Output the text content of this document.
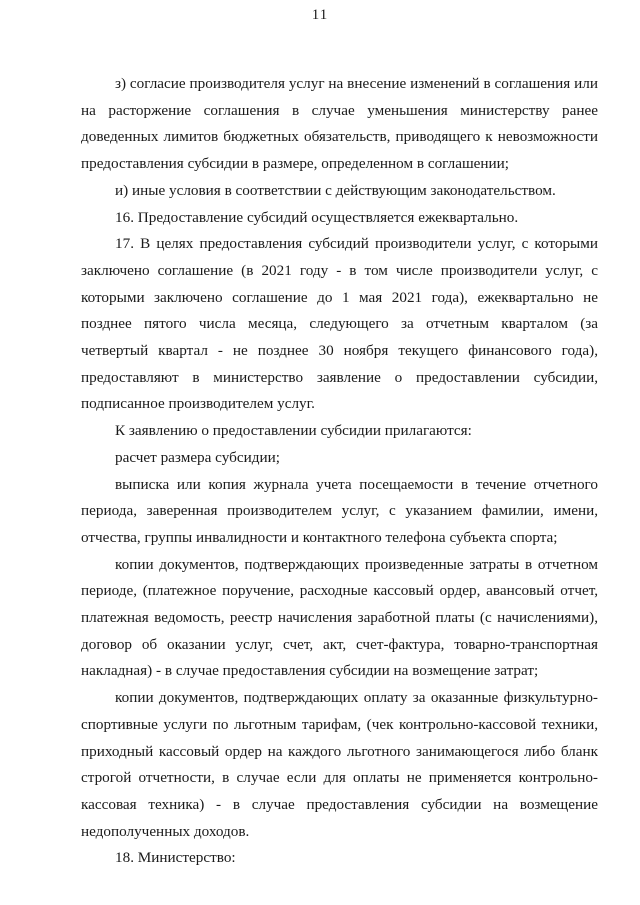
11

з) согласие производителя услуг на внесение изменений в соглашения или на расторжение соглашения в случае уменьшения министерству ранее доведенных лимитов бюджетных обязательств, приводящего к невозможности предоставления субсидии в размере, определенном в соглашении;

и) иные условия в соответствии с действующим законодательством.

16. Предоставление субсидий осуществляется ежеквартально.

17. В целях предоставления субсидий производители услуг, с которыми заключено соглашение (в 2021 году - в том числе производители услуг, с которыми заключено соглашение до 1 мая 2021 года), ежеквартально не позднее пятого числа месяца, следующего за отчетным кварталом (за четвертый квартал - не позднее 30 ноября текущего финансового года), предоставляют в министерство заявление о предоставлении субсидии, подписанное производителем услуг.

К заявлению о предоставлении субсидии прилагаются:

расчет размера субсидии;

выписка или копия журнала учета посещаемости в течение отчетного периода, заверенная производителем услуг, с указанием фамилии, имени, отчества, группы инвалидности и контактного телефона субъекта спорта;

копии документов, подтверждающих произведенные затраты в отчетном периоде, (платежное поручение, расходные кассовый ордер, авансовый отчет, платежная ведомость, реестр начисления заработной платы (с начислениями), договор об оказании услуг, счет, акт, счет-фактура, товарно-транспортная накладная) - в случае предоставления субсидии на возмещение затрат;

копии документов, подтверждающих оплату за оказанные физкультурно-спортивные услуги по льготным тарифам, (чек контрольно-кассовой техники, приходный кассовый ордер на каждого льготного занимающегося либо бланк строгой отчетности, в случае если для оплаты не применяется контрольно-кассовая техника) - в случае предоставления субсидии на возмещение недополученных доходов.

18. Министерство:
